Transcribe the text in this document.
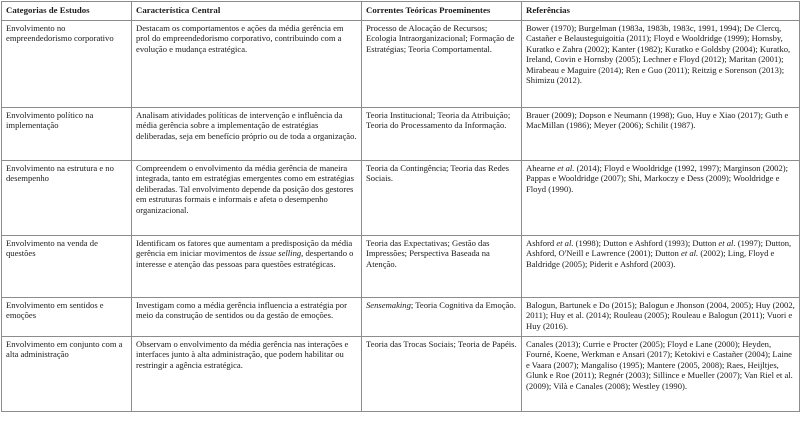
Categorias de Estudos	Característica Central	Correntes Teóricas Proeminentes	Referências
Envolvimento no empreendedorismo corporativo	Destacam os comportamentos e ações da média gerência em prol do empreendedorismo corporativo, contribuindo com a evolução e mudança estratégica.	Processo de Alocação de Recursos; Ecologia Intraorganizacional; Formação de Estratégias; Teoria Comportamental.	Bower (1970); Burgelman (1983a, 1983b, 1983c, 1991, 1994); De Clercq, Castañer e Belausteguigoitia (2011); Floyd e Wooldridge (1999); Hornsby, Kuratko e Zahra (2002); Kanter (1982); Kuratko e Goldsby (2004); Kuratko, Ireland, Covin e Hornsby (2005); Lechner e Floyd (2012); Maritan (2001); Mirabeau e Maguire (2014); Ren e Guo (2011); Reitzig e Sorenson (2013); Shimizu (2012).
Envolvimento político na implementação	Analisam atividades políticas de intervenção e influência da média gerência sobre a implementação de estratégias deliberadas, seja em benefício próprio ou de toda a organização.	Teoria Institucional; Teoria da Atribuição; Teoria do Processamento da Informação.	Brauer (2009); Dopson e Neumann (1998); Guo, Huy e Xiao (2017); Guth e MacMillan (1986); Meyer (2006); Schilit (1987).
Envolvimento na estrutura e no desempenho	Compreendem o envolvimento da média gerência de maneira integrada, tanto em estratégias emergentes como em estratégias deliberadas. Tal envolvimento depende da posição dos gestores em estruturas formais e informais e afeta o desempenho organizacional.	Teoria da Contingência; Teoria das Redes Sociais.	Ahearne et al. (2014); Floyd e Wooldridge (1992, 1997); Marginson (2002); Pappas e Wooldridge (2007); Shi, Markoczy e Dess (2009); Wooldridge e Floyd (1990).
Envolvimento na venda de questões	Identificam os fatores que aumentam a predisposição da média gerência em iniciar movimentos de issue selling, despertando o interesse e atenção das pessoas para questões estratégicas.	Teoria das Expectativas; Gestão das Impressões; Perspectiva Baseada na Atenção.	Ashford et al. (1998); Dutton e Ashford (1993); Dutton et al. (1997); Dutton, Ashford, O'Neill e Lawrence (2001); Dutton et al. (2002); Ling, Floyd e Baldridge (2005); Piderit e Ashford (2003).
Envolvimento em sentidos e emoções	Investigam como a média gerência influencia a estratégia por meio da construção de sentidos ou da gestão de emoções.	Sensemaking; Teoria Cognitiva da Emoção.	Balogun, Bartunek e Do (2015); Balogun e Jhonson (2004, 2005); Huy (2002, 2011); Huy et al. (2014); Rouleau (2005); Rouleau e Balogun (2011); Vuori e Huy (2016).
Envolvimento em conjunto com a alta administração	Observam o envolvimento da média gerência nas interações e interfaces junto à alta administração, que podem habilitar ou restringir a agência estratégica.	Teoria das Trocas Sociais; Teoria de Papéis.	Canales (2013); Currie e Procter (2005); Floyd e Lane (2000); Heyden, Fourné, Koene, Werkman e Ansari (2017); Ketokivi e Castañer (2004); Laine e Vaara (2007); Mangaliso (1995); Mantere (2005, 2008); Raes, Heijltjes, Glunk e Roe (2011); Regnér (2003); Sillince e Mueller (2007); Van Riel et al. (2009); Vilà e Canales (2008); Westley (1990).
